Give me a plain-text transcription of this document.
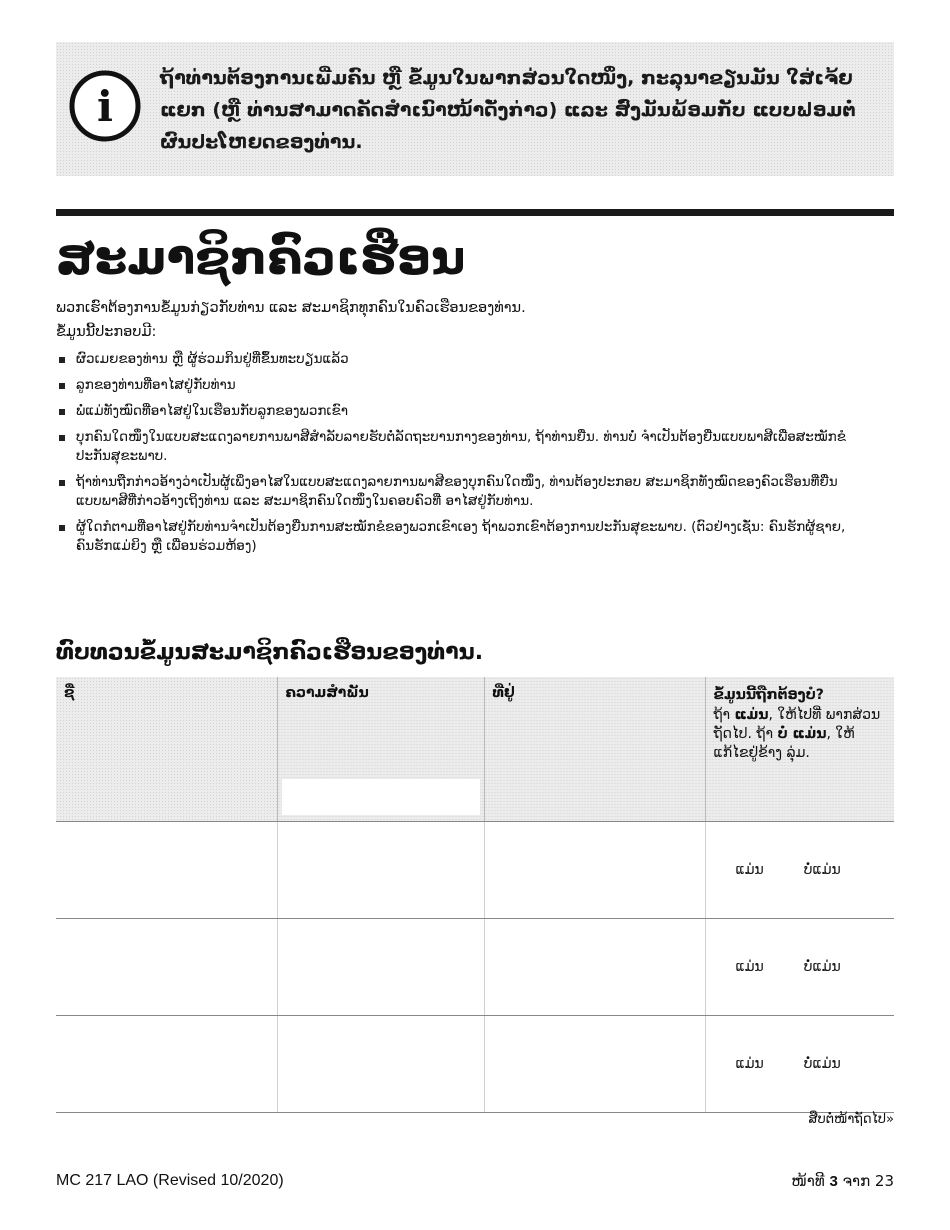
i
ຖ້າທ່ານຕ້ອງການເພີ່ມຄົນ ຫຼື ຂໍ້ມູນໃນພາກສ່ວນໃດໜຶ່ງ, ກະລຸນາຂຽນມັນ ໃສ່ເຈ້ຍແຍກ (ຫຼື ທ່ານສາມາດຄັດສຳເນົາໜ້າດັ່ງກ່າວ) ແລະ ສົ່ງມັນພ້ອມກັບ ແບບຟອມຕໍ່ຜົນປະໂຫຍດຂອງທ່ານ.
ສະມາຊິກຄົວເຮືອນ

ພວກເຮົາຕ້ອງການຂໍ້ມູນກ່ຽວກັບທ່ານ ແລະ ສະມາຊິກທຸກຄົນໃນຄົວເຮືອນຂອງທ່ານ.

ຂໍ້ມູນນີ້ປະກອບມີ:

ຜົວເມຍຂອງທ່ານ ຫຼື ຜູ້ຮ່ວມກິນຢູ່ທີ່ຂຶ້ນທະບຽນແລ້ວ
ລູກຂອງທ່ານທີ່ອາໄສຢູ່ກັບທ່ານ
ພໍ່ແມ່ທັງໝົດທີ່ອາໄສຢູ່ໃນເຮືອນກັບລູກຂອງພວກເຂົາ
ບຸກຄົນໃດໜຶ່ງໃນແບບສະແດງລາຍການພາສີສຳລັບລາຍຮັບຕໍ່ລັດຖະບານກາງຂອງທ່ານ, ຖ້າທ່ານຍື່ນ. ທ່ານບໍ່ ຈຳເປັນຕ້ອງຍື່ນແບບພາສີເພື່ອສະໝັກຂໍປະກັນສຸຂະພາບ.
ຖ້າທ່ານຖືກກ່າວອ້າງວ່າເປັນຜູ້ເພິ່ງອາໄສໃນແບບສະແດງລາຍການພາສີຂອງບຸກຄົນໃດໜຶ່ງ, ທ່ານຕ້ອງປະກອບ ສະມາຊິກທັງໝົດຂອງຄົວເຮືອນທີ່ຍື່ນແບບພາສີທີ່ກ່າວອ້າງເຖິງທ່ານ ແລະ ສະມາຊິກຄົນໃດໜຶ່ງໃນຄອບຄົວທີ່ ອາໄສຢູ່ກັບທ່ານ.
ຜູ້ໃດກໍຕາມທີ່ອາໄສຢູ່ກັບທ່ານຈຳເປັນຕ້ອງຍື່ນການສະໝັກຂໍຂອງພວກເຂົາເອງ ຖ້າພວກເຂົາຕ້ອງການປະກັນສຸຂະພາບ. (ຕົວຢ່າງເຊັ່ນ: ຄົນຮັກຜູ້ຊາຍ, ຄົນຮັກແມ່ຍິງ ຫຼື ເພື່ອນຮ່ວມຫ້ອງ)
ທົບທວນຂໍ້ມູນສະມາຊິກຄົວເຮືອນຂອງທ່ານ.
ຊື່	ຄວາມສຳພັນ	ທີ່ຢູ່	ຂໍ້ມູນນີ້ຖືກຕ້ອງບໍ?
ຖ້າ ແມ່ນ, ໃຫ້ໄປທີ່ ພາກສ່ວນຖັດໄປ. ຖ້າ ບໍ່ ແມ່ນ, ໃຫ້ແກ້ໄຂຢູ່ຂ້າງ ລຸ່ມ.

			ແມ່ນ ບໍ່ແມ່ນ

			ແມ່ນ ບໍ່ແມ່ນ

			ແມ່ນ ບໍ່ແມ່ນ
ສືບຕໍ່ໜ້າຖັດໄປ»
MC 217 LAO (Revised 10/2020)	ໜ້າທີ 3 ຈາກ 23
